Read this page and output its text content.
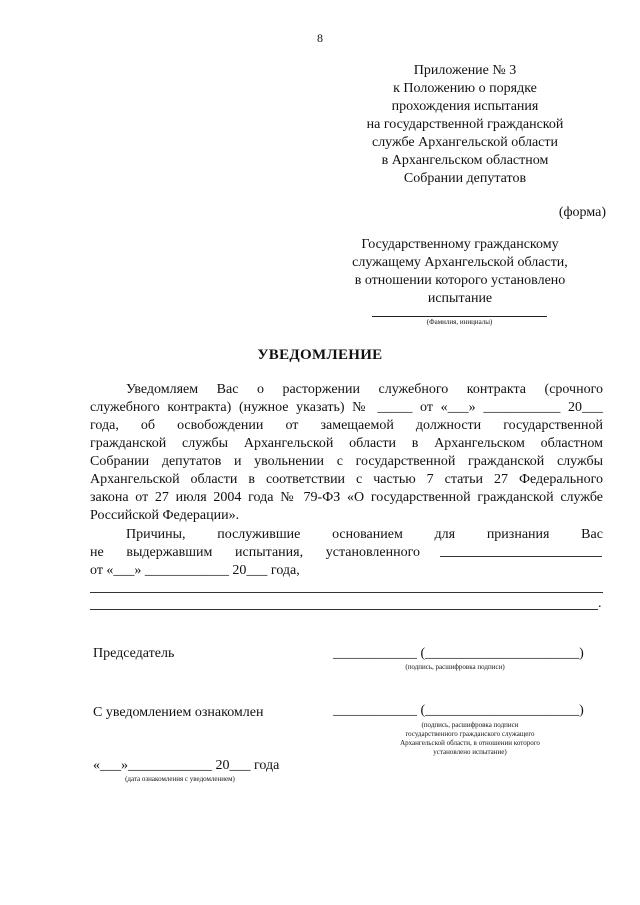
8
Приложение № 3
к Положению о порядке
прохождения испытания
на государственной гражданской
службе Архангельской области
в Архангельском областном
Собрании депутатов
(форма)
Государственному гражданскому
служащему Архангельской области,
в отношении которого установлено
испытание
(Фамилия, инициалы)
УВЕДОМЛЕНИЕ
Уведомляем Вас о расторжении служебного контракта (срочного
служебного контракта) (нужное указать) № _____ от «___» ___________ 20___
года, об освобождении от замещаемой должности государственной
гражданской службы Архангельской области в Архангельском областном
Собрании депутатов и увольнении с государственной гражданской службы
Архангельской области в соответствии с частью 7 статьи 27 Федерального
закона от 27 июля 2004 года № 79-ФЗ «О государственной гражданской службе
Российской Федерации».
Причины, послужившие основанием для признания Вас
не выдержавшим испытания, установленного
от «___» ____________ 20___ года,
.
Председатель	____________ (______________________)
(подпись, расшифровка подписи)
С уведомлением ознакомлен	____________ (______________________)
(подпись, расшифровка подписи
государственного гражданского служащего
Архангельской области, в отношении которого
установлено испытание)
«___»____________ 20___ года
(дата ознакомления с уведомлением)
